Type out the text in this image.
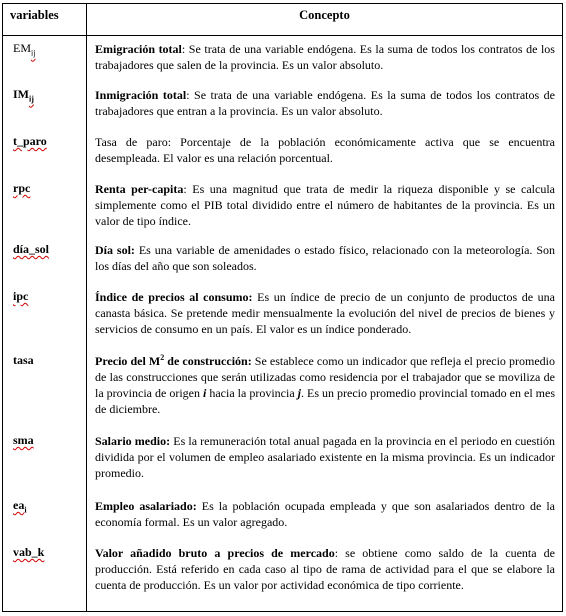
variables	Concepto
$EM_{ij}$	Emigración total: Se trata de una variable endógena. Es la suma de todos los contratos de los trabajadores que salen de la provincia. Es un valor absoluto.
$IM_{ij}$	Inmigración total: Se trata de una variable endógena. Es la suma de todos los contratos de trabajadores que entran a la provincia. Es un valor absoluto.
t_paro	Tasa de paro: Porcentaje de la población económicamente activa que se encuentra desempleada. El valor es una relación porcentual.
rpc	Renta per-capita: Es una magnitud que trata de medir la riqueza disponible y se calcula simplemente como el PIB total dividido entre el número de habitantes de la provincia. Es un valor de tipo índice.
día_sol	Día sol: Es una variable de amenidades o estado físico, relacionado con la meteorología. Son los días del año que son soleados.
ipc	Índice de precios al consumo: Es un índice de precio de un conjunto de productos de una canasta básica. Se pretende medir mensualmente la evolución del nivel de precios de bienes y servicios de consumo en un país. El valor es un índice ponderado.
tasa	Precio del $M^2$ de construcción: Se establece como un indicador que refleja el precio promedio de las construcciones que serán utilizadas como residencia por el trabajador que se moviliza de la provincia de origen i hacia la provincia j. Es un precio promedio provincial tomado en el mes de diciembre.
sma	Salario medio: Es la remuneración total anual pagada en la provincia en el periodo en cuestión dividida por el volumen de empleo asalariado existente en la misma provincia. Es un indicador promedio.
$ea_i$	Empleo asalariado: Es la población ocupada empleada y que son asalariados dentro de la economía formal. Es un valor agregado.
vab_k	Valor añadido bruto a precios de mercado: se obtiene como saldo de la cuenta de producción. Está referido en cada caso al tipo de rama de actividad para el que se elabore la cuenta de producción. Es un valor por actividad económica de tipo corriente.
